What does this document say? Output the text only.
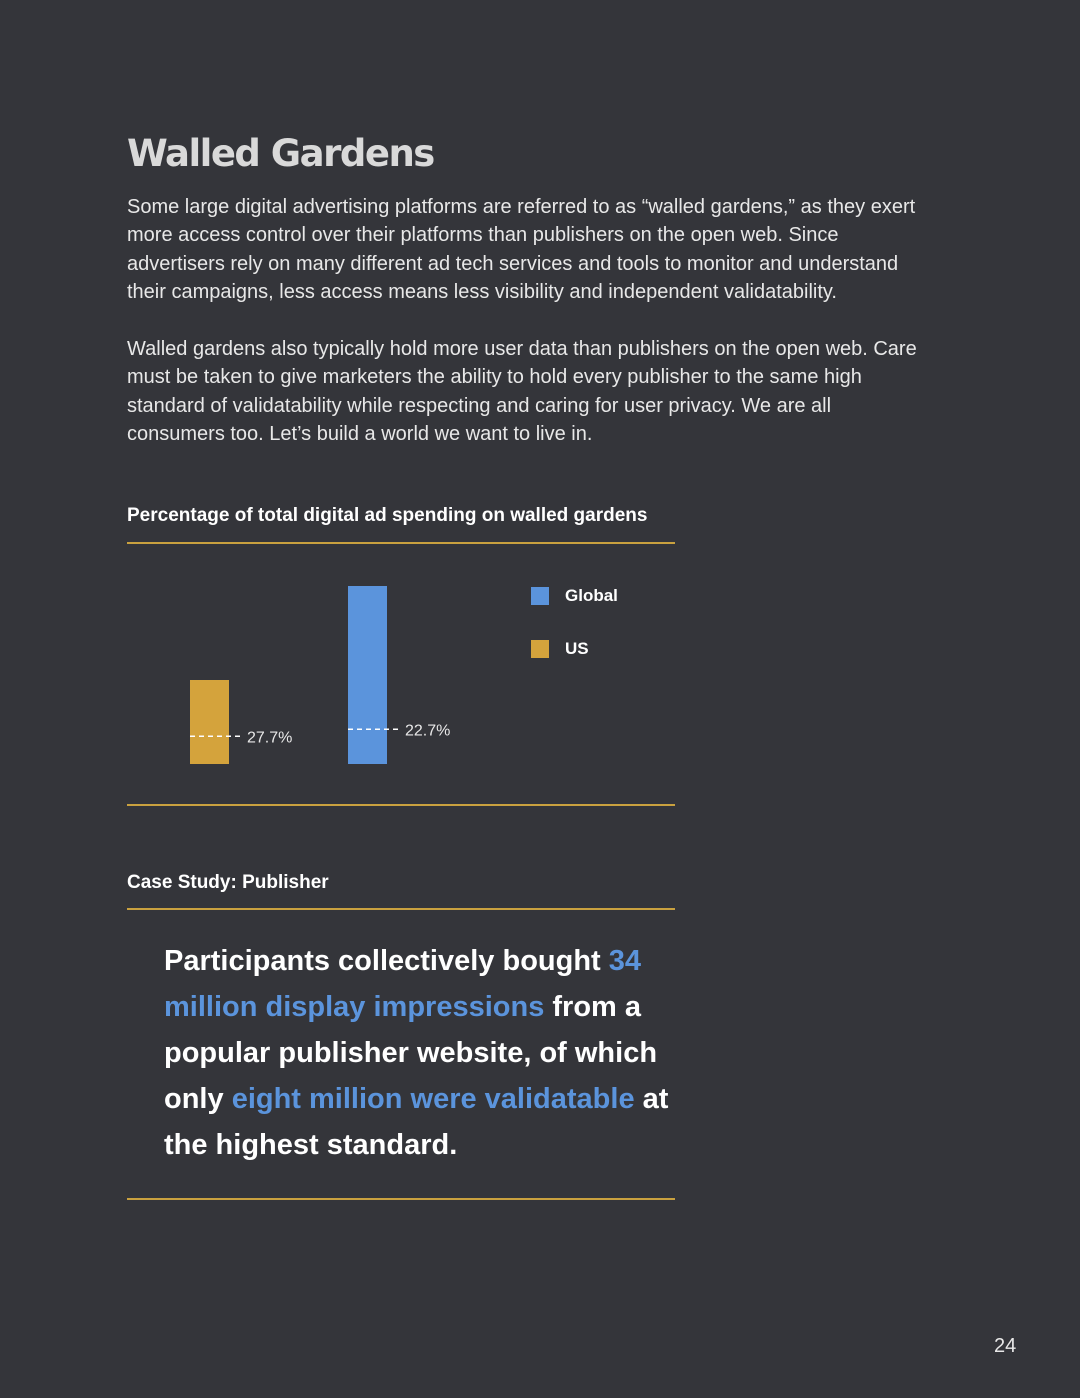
Walled Gardens

Some large digital advertising platforms are referred to as “walled gardens,” as they exert more access control over their platforms than publishers on the open web. Since advertisers rely on many different ad tech services and tools to monitor and understand their campaigns, less access means less visibility and independent validatability.

Walled gardens also typically hold more user data than publishers on the open web. Care must be taken to give marketers the ability to hold every publisher to the same high standard of validatability while respecting and caring for user privacy. We are all consumers too. Let’s build a world we want to live in.

Percentage of total digital ad spending on walled gardens
27.7%	22.7%
Global
US
Case Study: Publisher
Participants collectively bought 34 million display impressions from a popular publisher website, of which only eight million were validatable at the highest standard.
24
